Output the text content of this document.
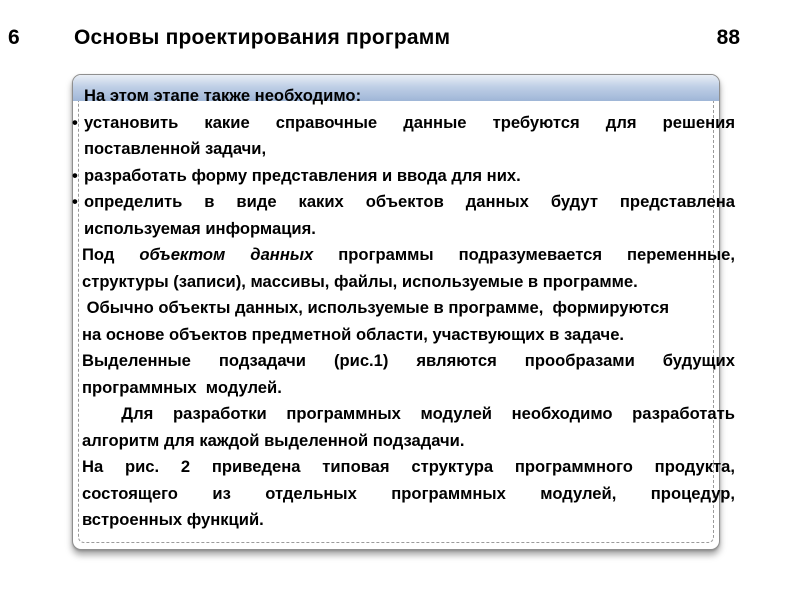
6	Основы проектирования программ	88
На этом этапе также необходимо:
• установить какие справочные данные требуются для решения
поставленной задачи,
• разработать форму представления и ввода для них.
• определить в виде каких объектов данных будут представлена
используемая информация.
Под объектом данных программы подразумевается переменные,
структуры (записи), массивы, файлы, используемые в программе.
Обычно объекты данных, используемые в программе,  формируются
на основе объектов предметной области, участвующих в задаче.
Выделенные подзадачи (рис.1) являются прообразами будущих
программных  модулей.
Для разработки программных модулей необходимо разработать
алгоритм для каждой выделенной подзадачи.
На рис. 2 приведена типовая структура программного продукта,
состоящего из отдельных программных модулей, процедур,
встроенных функций.
